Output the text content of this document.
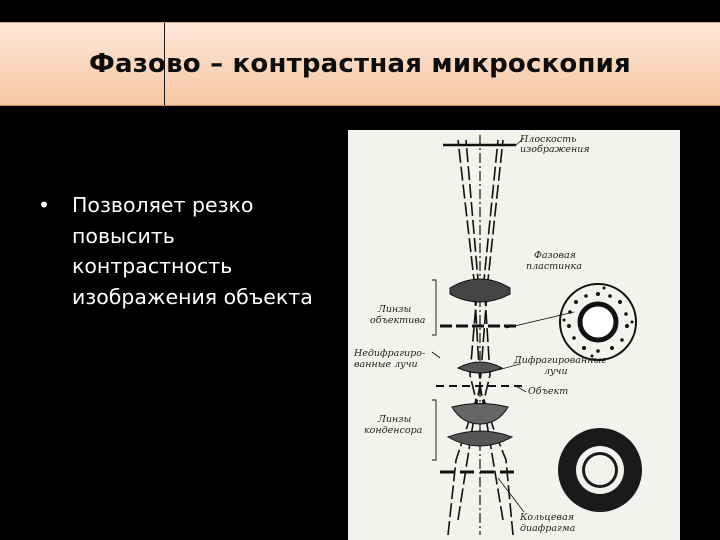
Фазово – контрастная микроскопия
• Позволяет резко повысить контрастность изображения объекта
Плоскость
изображения
Фазовая
пластинка
Линзы
объектива
Недифрагиро-
ванные лучи	Дифрагированные
лучи
Объект
Линзы
конденсора
Кольцевая
диафрагма
